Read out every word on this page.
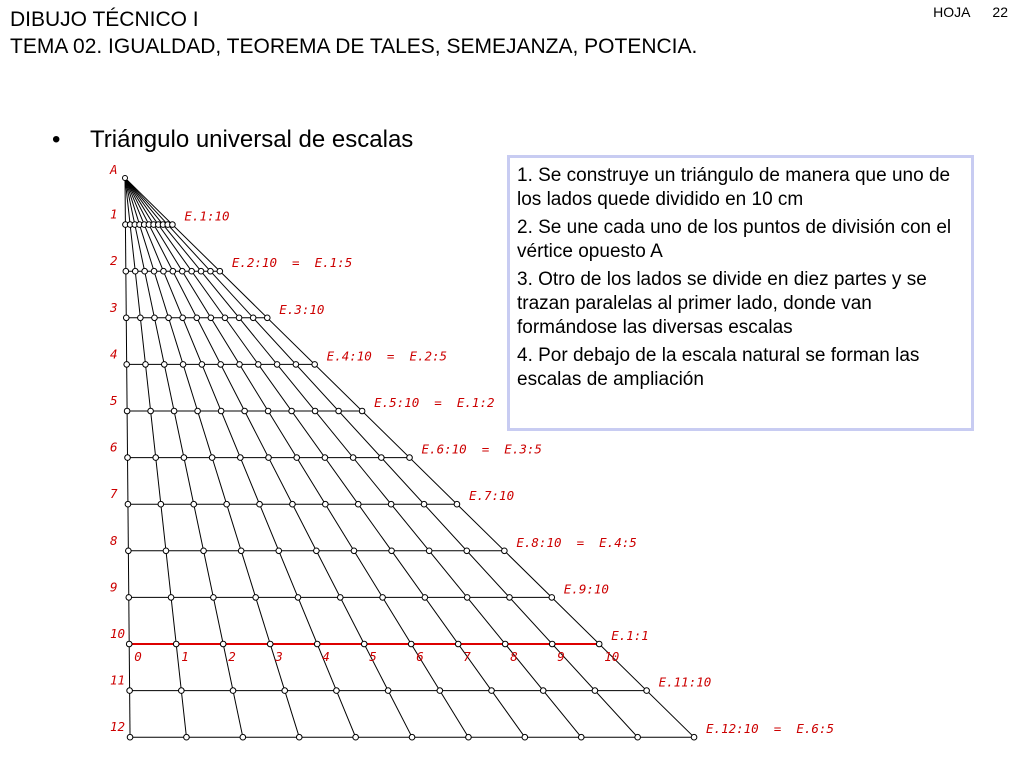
DIBUJO TÉCNICO I
TEMA 02. IGUALDAD, TEOREMA DE TALES, SEMEJANZA, POTENCIA.
HOJA 22
• Triángulo universal de escalas
A
1	E.1:10
2	E.2:10  =  E.1:5
3	E.3:10
4	E.4:10  =  E.2:5
5	E.5:10  =  E.1:2
6	E.6:10  =  E.3:5
7	E.7:10
8	E.8:10  =  E.4:5
9	E.9:10
10	E.1:1
11	E.11:10
12	E.12:10  =  E.6:5
0	1	2	3	4	5	6	7	8	9	10

1. Se construye un triángulo de manera que uno de los lados quede dividido en 10 cm

2. Se une cada uno de los puntos de división con el vértice opuesto A

3. Otro de los lados se divide en diez partes y se trazan paralelas al primer lado, donde van formándose las diversas escalas

4. Por debajo de la escala natural se forman las escalas de ampliación
